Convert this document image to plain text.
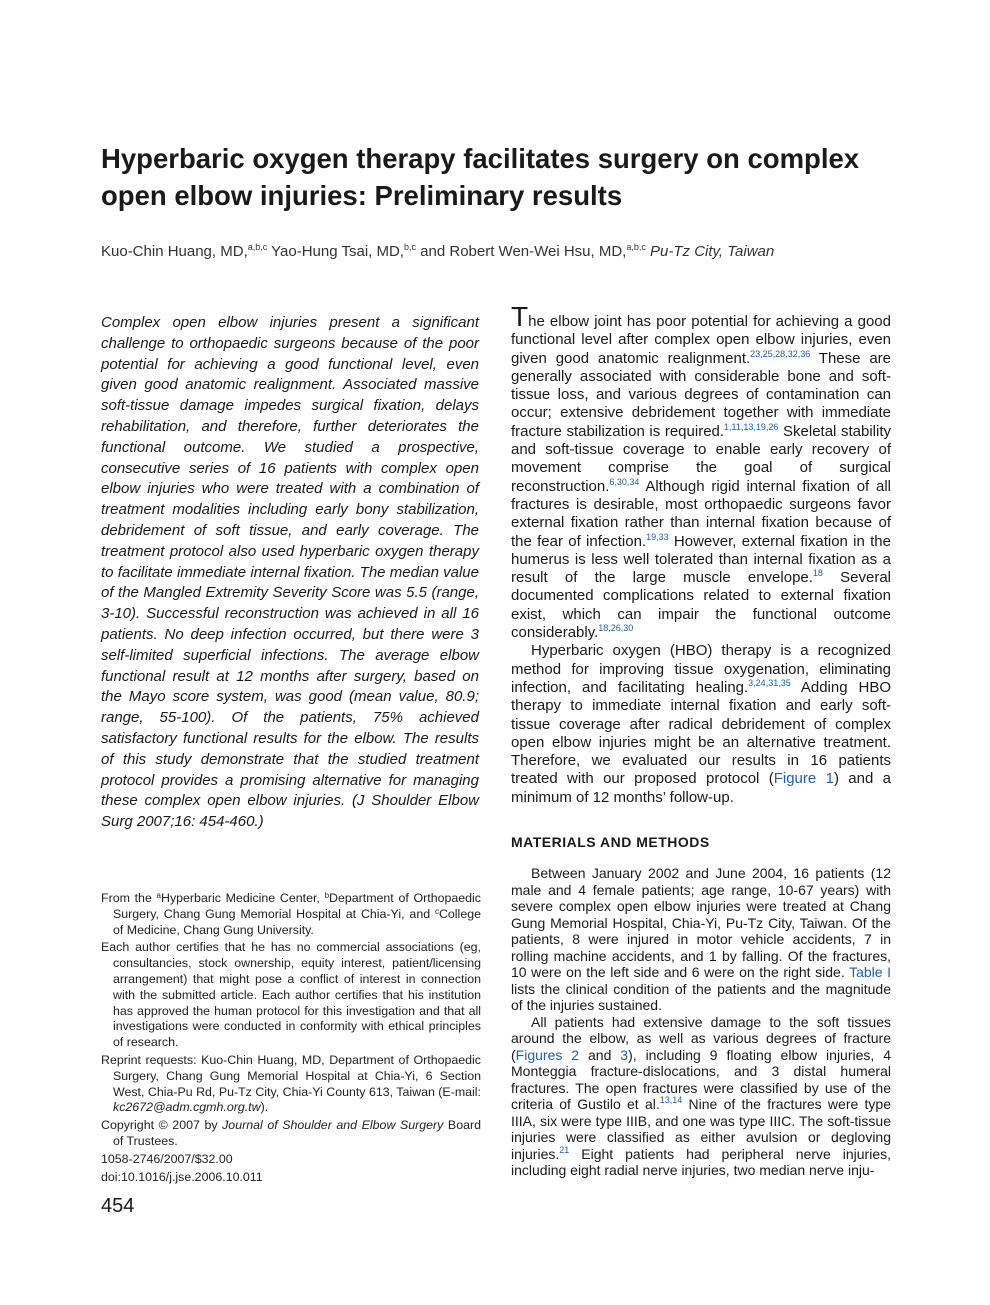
Hyperbaric oxygen therapy facilitates surgery on complex open elbow injuries: Preliminary results
Kuo-Chin Huang, MD,$^{a,b,c}$ Yao-Hung Tsai, MD,$^{b,c}$ and Robert Wen-Wei Hsu, MD,$^{a,b,c}$ Pu-Tz City, Taiwan

Complex open elbow injuries present a significant challenge to orthopaedic surgeons because of the poor potential for achieving a good functional level, even given good anatomic realignment. Associated massive soft-tissue damage impedes surgical fixation, delays rehabilitation, and therefore, further deteriorates the functional outcome. We studied a prospective, consecutive series of 16 patients with complex open elbow injuries who were treated with a combination of treatment modalities including early bony stabilization, debridement of soft tissue, and early coverage. The treatment protocol also used hyperbaric oxygen therapy to facilitate immediate internal fixation. The median value of the Mangled Extremity Severity Score was 5.5 (range, 3-10). Successful reconstruction was achieved in all 16 patients. No deep infection occurred, but there were 3 self-limited superficial infections. The average elbow functional result at 12 months after surgery, based on the Mayo score system, was good (mean value, 80.9; range, 55-100). Of the patients, 75% achieved satisfactory functional results for the elbow. The results of this study demonstrate that the studied treatment protocol provides a promising alternative for managing these complex open elbow injuries. (J Shoulder Elbow Surg 2007;16: 454-460.)

From the $^a$Hyperbaric Medicine Center, $^b$Department of Orthopaedic Surgery, Chang Gung Memorial Hospital at Chia-Yi, and $^c$College of Medicine, Chang Gung University.

Each author certifies that he has no commercial associations (eg, consultancies, stock ownership, equity interest, patient/licensing arrangement) that might pose a conflict of interest in connection with the submitted article. Each author certifies that his institution has approved the human protocol for this investigation and that all investigations were conducted in conformity with ethical principles of research.

Reprint requests: Kuo-Chin Huang, MD, Department of Orthopaedic Surgery, Chang Gung Memorial Hospital at Chia-Yi, 6 Section West, Chia-Pu Rd, Pu-Tz City, Chia-Yi County 613, Taiwan (E-mail: kc2672@adm.cgmh.org.tw).

Copyright © 2007 by Journal of Shoulder and Elbow Surgery Board of Trustees.

1058-2746/2007/$32.00

doi:10.1016/j.jse.2006.10.011

454

The elbow joint has poor potential for achieving a good functional level after complex open elbow injuries, even given good anatomic realignment.$^{23,25,28,32,36}$ These are generally associated with considerable bone and soft-tissue loss, and various degrees of contamination can occur; extensive debridement together with immediate fracture stabilization is required.$^{1,11,13,19,26}$ Skeletal stability and soft-tissue coverage to enable early recovery of movement comprise the goal of surgical reconstruction.$^{6,30,34}$ Although rigid internal fixation of all fractures is desirable, most orthopaedic surgeons favor external fixation rather than internal fixation because of the fear of infection.$^{19,33}$ However, external fixation in the humerus is less well tolerated than internal fixation as a result of the large muscle envelope.$^{18}$ Several documented complications related to external fixation exist, which can impair the functional outcome considerably.$^{18,26,30}$

Hyperbaric oxygen (HBO) therapy is a recognized method for improving tissue oxygenation, eliminating infection, and facilitating healing.$^{3,24,31,35}$ Adding HBO therapy to immediate internal fixation and early soft-tissue coverage after radical debridement of complex open elbow injuries might be an alternative treatment. Therefore, we evaluated our results in 16 patients treated with our proposed protocol (Figure 1) and a minimum of 12 months’ follow-up.

MATERIALS AND METHODS

Between January 2002 and June 2004, 16 patients (12 male and 4 female patients; age range, 10-67 years) with severe complex open elbow injuries were treated at Chang Gung Memorial Hospital, Chia-Yi, Pu-Tz City, Taiwan. Of the patients, 8 were injured in motor vehicle accidents, 7 in rolling machine accidents, and 1 by falling. Of the fractures, 10 were on the left side and 6 were on the right side. Table I lists the clinical condition of the patients and the magnitude of the injuries sustained.

All patients had extensive damage to the soft tissues around the elbow, as well as various degrees of fracture (Figures 2 and 3), including 9 floating elbow injuries, 4 Monteggia fracture-dislocations, and 3 distal humeral fractures. The open fractures were classified by use of the criteria of Gustilo et al.$^{13,14}$ Nine of the fractures were type IIIA, six were type IIIB, and one was type IIIC. The soft-tissue injuries were classified as either avulsion or degloving injuries.$^{21}$ Eight patients had peripheral nerve injuries, including eight radial nerve injuries, two median nerve inju-
